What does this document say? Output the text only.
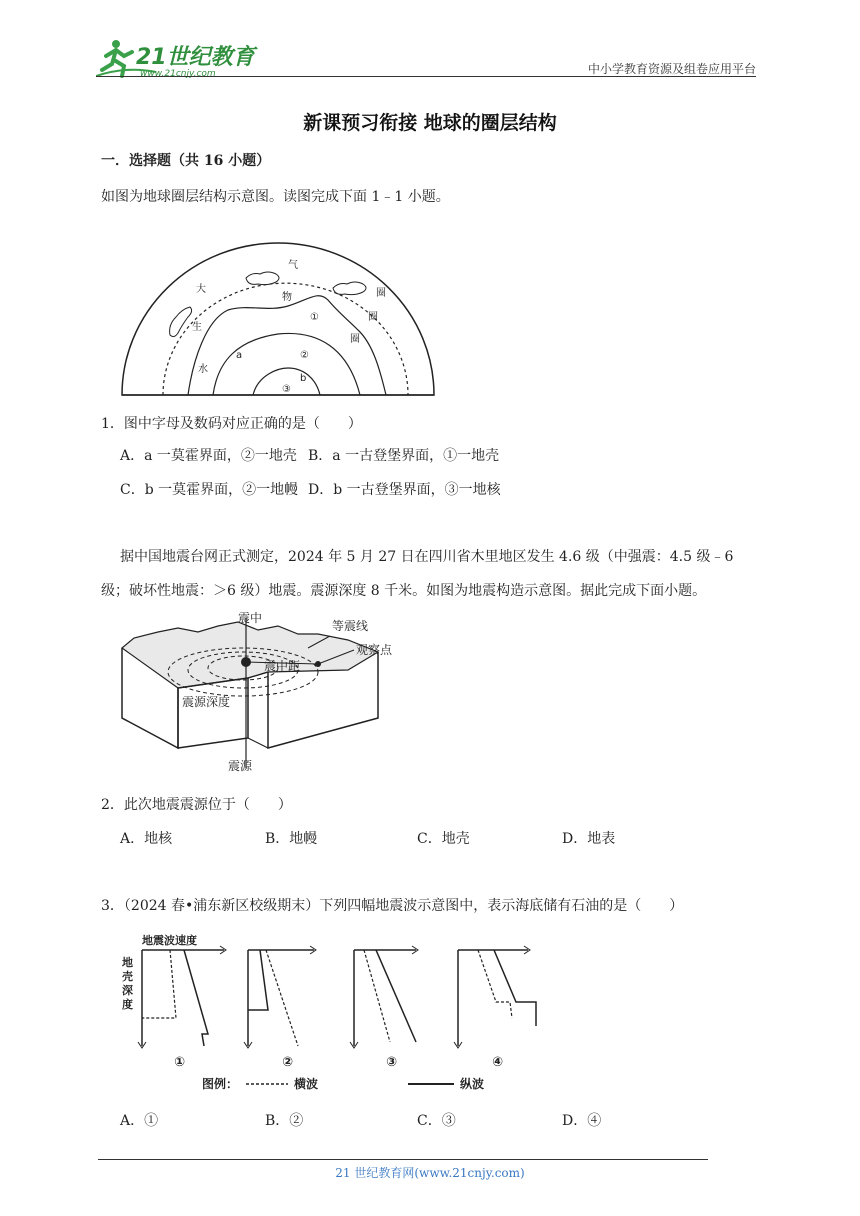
21世纪教育
www.21cnjy.com	中小学教育资源及组卷应用平台
新课预习衔接 地球的圈层结构
一．选择题（共 16 小题）
如图为地球圈层结构示意图。读图完成下面 1﹣1 小题。
大
气
圈
物
圈
生
圈
水
a
①
②
b
③
1．图中字母及数码对应正确的是（　　）
A．a 一莫霍界面，②一地壳 B．a 一古登堡界面，①一地壳
C．b 一莫霍界面，②一地幔 D．b 一古登堡界面，③一地核
据中国地震台网正式测定，2024 年 5 月 27 日在四川省木里地区发生 4.6 级（中强震：4.5 级﹣6
级；破坏性地震：＞6 级）地震。震源深度 8 千米。如图为地震构造示意图。据此完成下面小题。
震中
等震线
观察点
震中距
震源深度
震源
2．此次地震震源位于（　　）
A．地核	B．地幔	C．地壳	D．地表
3．（2024 春•浦东新区校级期末）下列四幅地震波示意图中，表示海底储有石油的是（　　）
地震波速度
地
壳
深
度
①	②	③	④
图例：	横波	纵波
A．①	B．②	C．③	D．④
21 世纪教育网(www.21cnjy.com)
